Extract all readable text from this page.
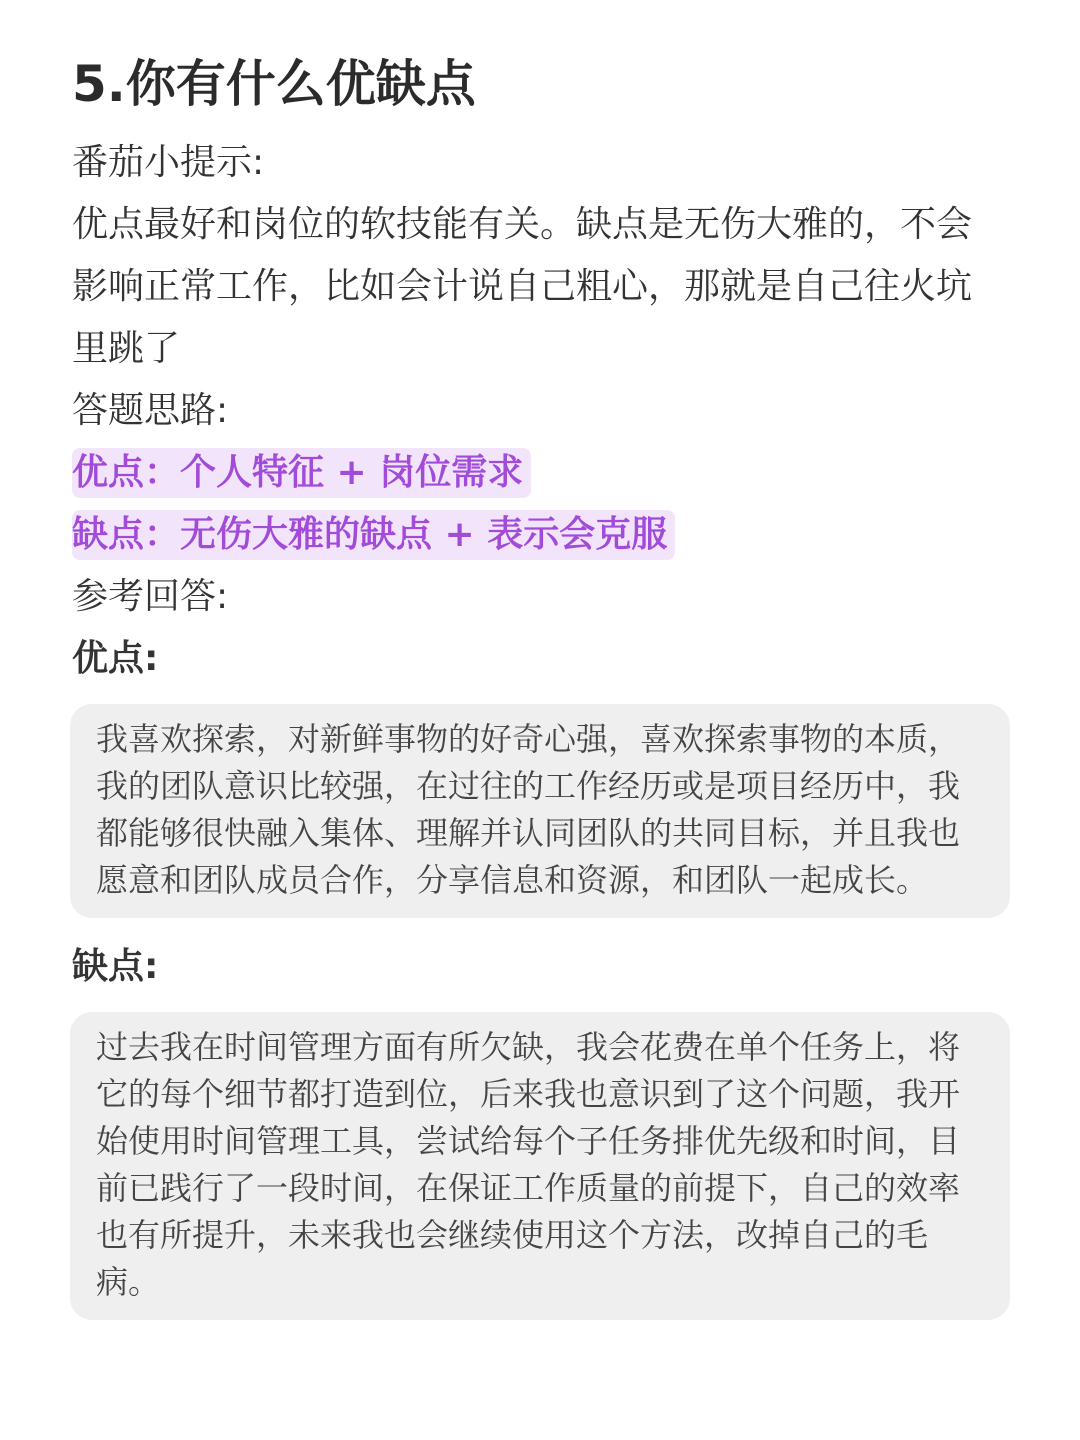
5.你有什么优缺点
番茄小提示:
优点最好和岗位的软技能有关。缺点是无伤大雅的，不会影响正常工作，比如会计说自己粗心，那就是自己往火坑里跳了
答题思路:
优点：个人特征 + 岗位需求
缺点：无伤大雅的缺点 + 表示会克服
参考回答:
优点:
我喜欢探索，对新鲜事物的好奇心强，喜欢探索事物的本质，我的团队意识比较强，在过往的工作经历或是项目经历中，我都能够很快融入集体、理解并认同团队的共同目标，并且我也愿意和团队成员合作，分享信息和资源，和团队一起成长。
缺点:
过去我在时间管理方面有所欠缺，我会花费在单个任务上，将它的每个细节都打造到位，后来我也意识到了这个问题，我开始使用时间管理工具，尝试给每个子任务排优先级和时间，目前已践行了一段时间，在保证工作质量的前提下，自己的效率也有所提升，未来我也会继续使用这个方法，改掉自己的毛病。
